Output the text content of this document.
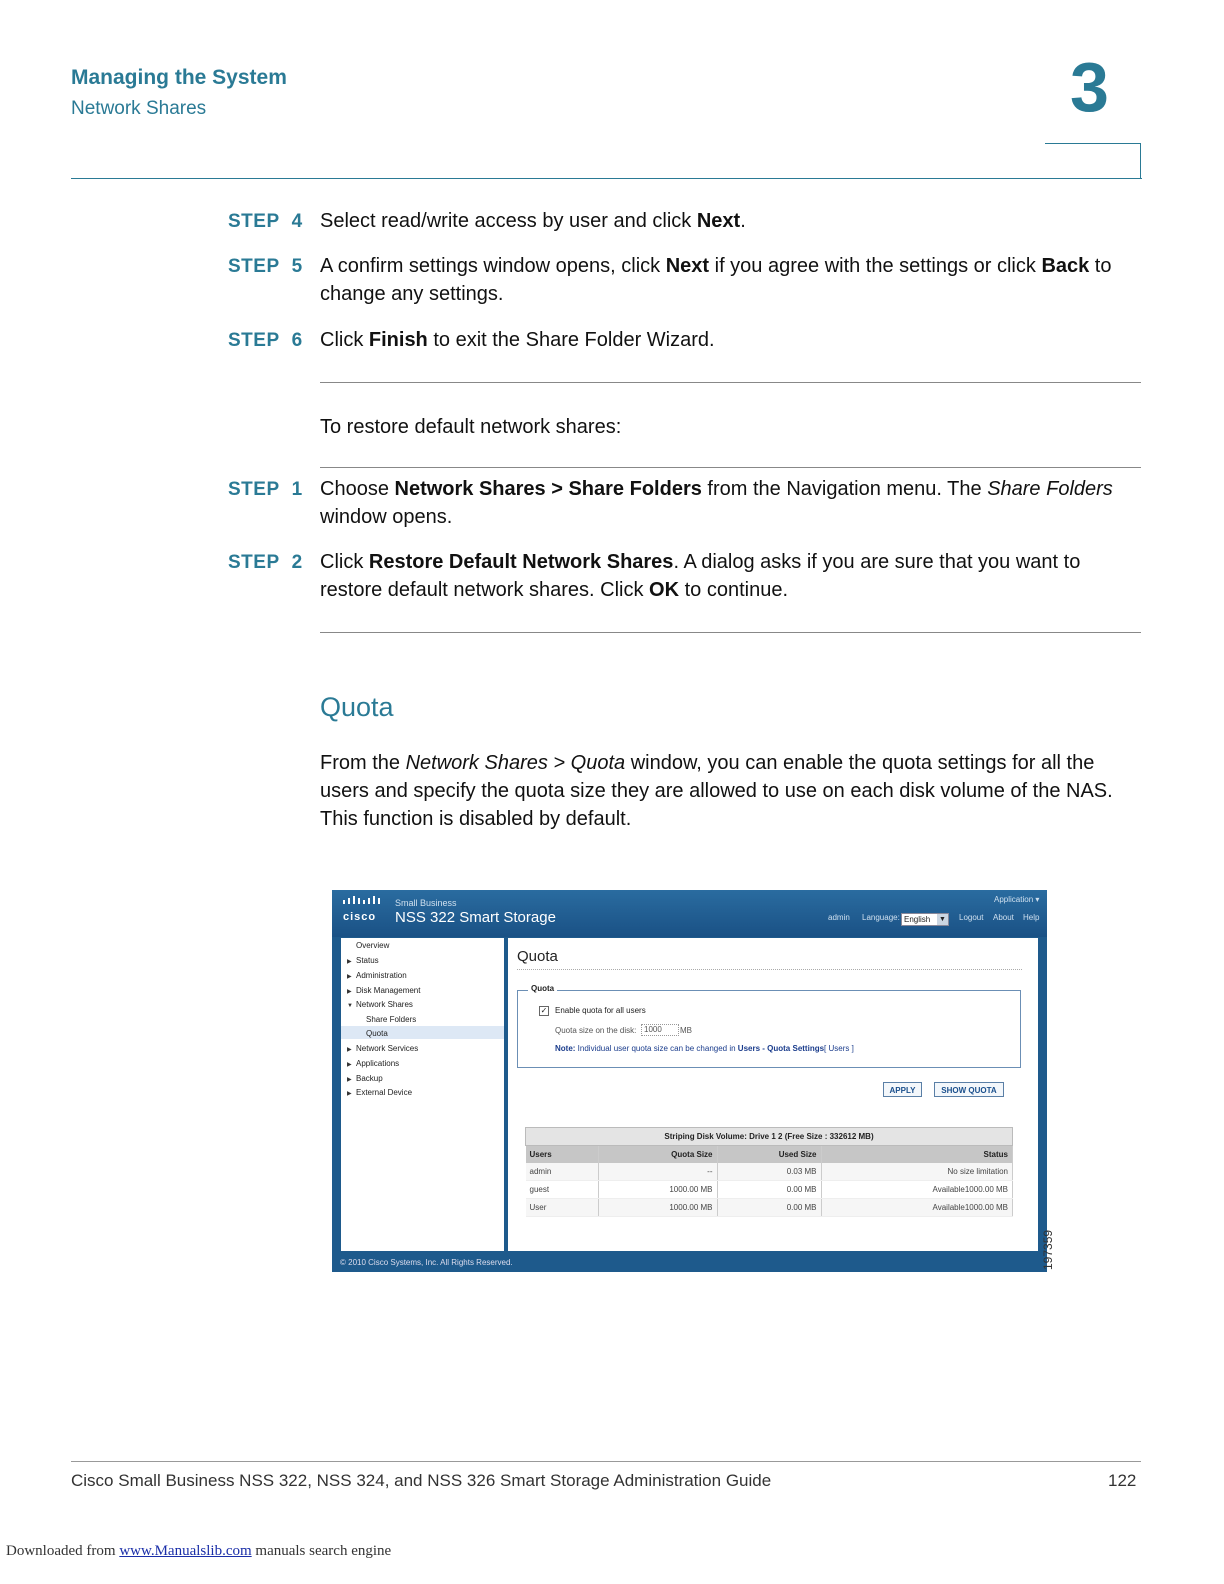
Managing the System
Network Shares	3
STEP 4 Select read/write access by user and click Next.
STEP 5 A confirm settings window opens, click Next if you agree with the settings or click Back to change any settings.
STEP 6 Click Finish to exit the Share Folder Wizard.
To restore default network shares:
STEP 1 Choose Network Shares > Share Folders from the Navigation menu. The Share Folders window opens.
STEP 2 Click Restore Default Network Shares. A dialog asks if you are sure that you want to restore default network shares. Click OK to continue.
Quota
From the Network Shares > Quota window, you can enable the quota settings for all the users and specify the quota size they are allowed to use on each disk volume of the NAS. This function is disabled by default.
cisco
Small Business
NSS 322 Smart Storage
Application ▾
admin Language: English ▼ Logout About Help
Overview
▶ Status
▶ Administration
▶ Disk Management
▼ Network Shares
Share Folders
Quota
▶ Network Services
▶ Applications
▶ Backup
▶ External Device
Quota
Quota
✓ Enable quota for all users
Quota size on the disk: 1000	MB
Note: Individual user quota size can be changed in Users - Quota Settings[ Users ]
APPLY	SHOW QUOTA
Striping Disk Volume: Drive 1 2 (Free Size : 332612 MB)			
Users	Quota Size	Used Size	Status
admin	--	0.03 MB	No size limitation
guest	1000.00 MB	0.00 MB	Available1000.00 MB
User	1000.00 MB	0.00 MB	Available1000.00 MB
© 2010 Cisco Systems, Inc. All Rights Reserved.	197359
Cisco Small Business NSS 322, NSS 324, and NSS 326 Smart Storage Administration Guide	122
Downloaded from www.Manualslib.com manuals search engine
